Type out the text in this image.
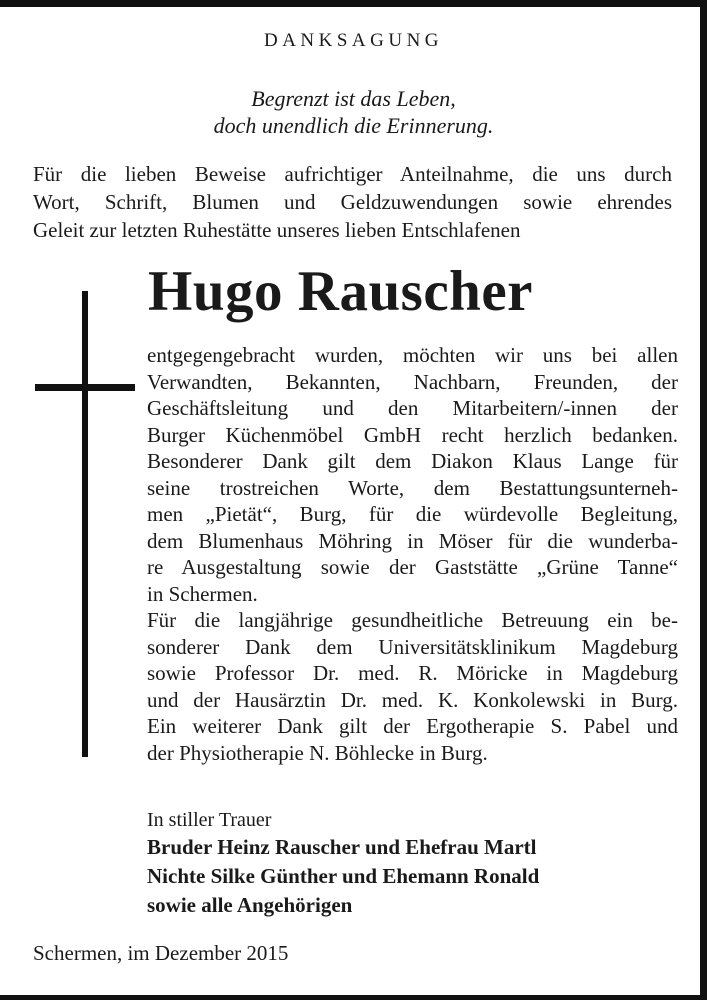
DANKSAGUNG
Begrenzt ist das Leben,
doch unendlich die Erinnerung.
Für die lieben Beweise aufrichtiger Anteilnahme, die uns durch
Wort, Schrift, Blumen und Geldzuwendungen sowie ehrendes
Geleit zur letzten Ruhestätte unseres lieben Entschlafenen
Hugo Rauscher
entgegengebracht wurden, möchten wir uns bei allen
Verwandten, Bekannten, Nachbarn, Freunden, der
Geschäftsleitung und den Mitarbeitern/-innen der
Burger Küchenmöbel GmbH recht herzlich bedanken.
Besonderer Dank gilt dem Diakon Klaus Lange für
seine trostreichen Worte, dem Bestattungsunterneh-
men „Pietät“, Burg, für die würdevolle Begleitung,
dem Blumenhaus Möhring in Möser für die wunderba-
re Ausgestaltung sowie der Gaststätte „Grüne Tanne“
in Schermen.
Für die langjährige gesundheitliche Betreuung ein be-
sonderer Dank dem Universitätsklinikum Magdeburg
sowie Professor Dr. med. R. Möricke in Magdeburg
und der Hausärztin Dr. med. K. Konkolewski in Burg.
Ein weiterer Dank gilt der Ergotherapie S. Pabel und
der Physiotherapie N. Böhlecke in Burg.
In stiller Trauer
Bruder Heinz Rauscher und Ehefrau Martl
Nichte Silke Günther und Ehemann Ronald
sowie alle Angehörigen
Schermen, im Dezember 2015
